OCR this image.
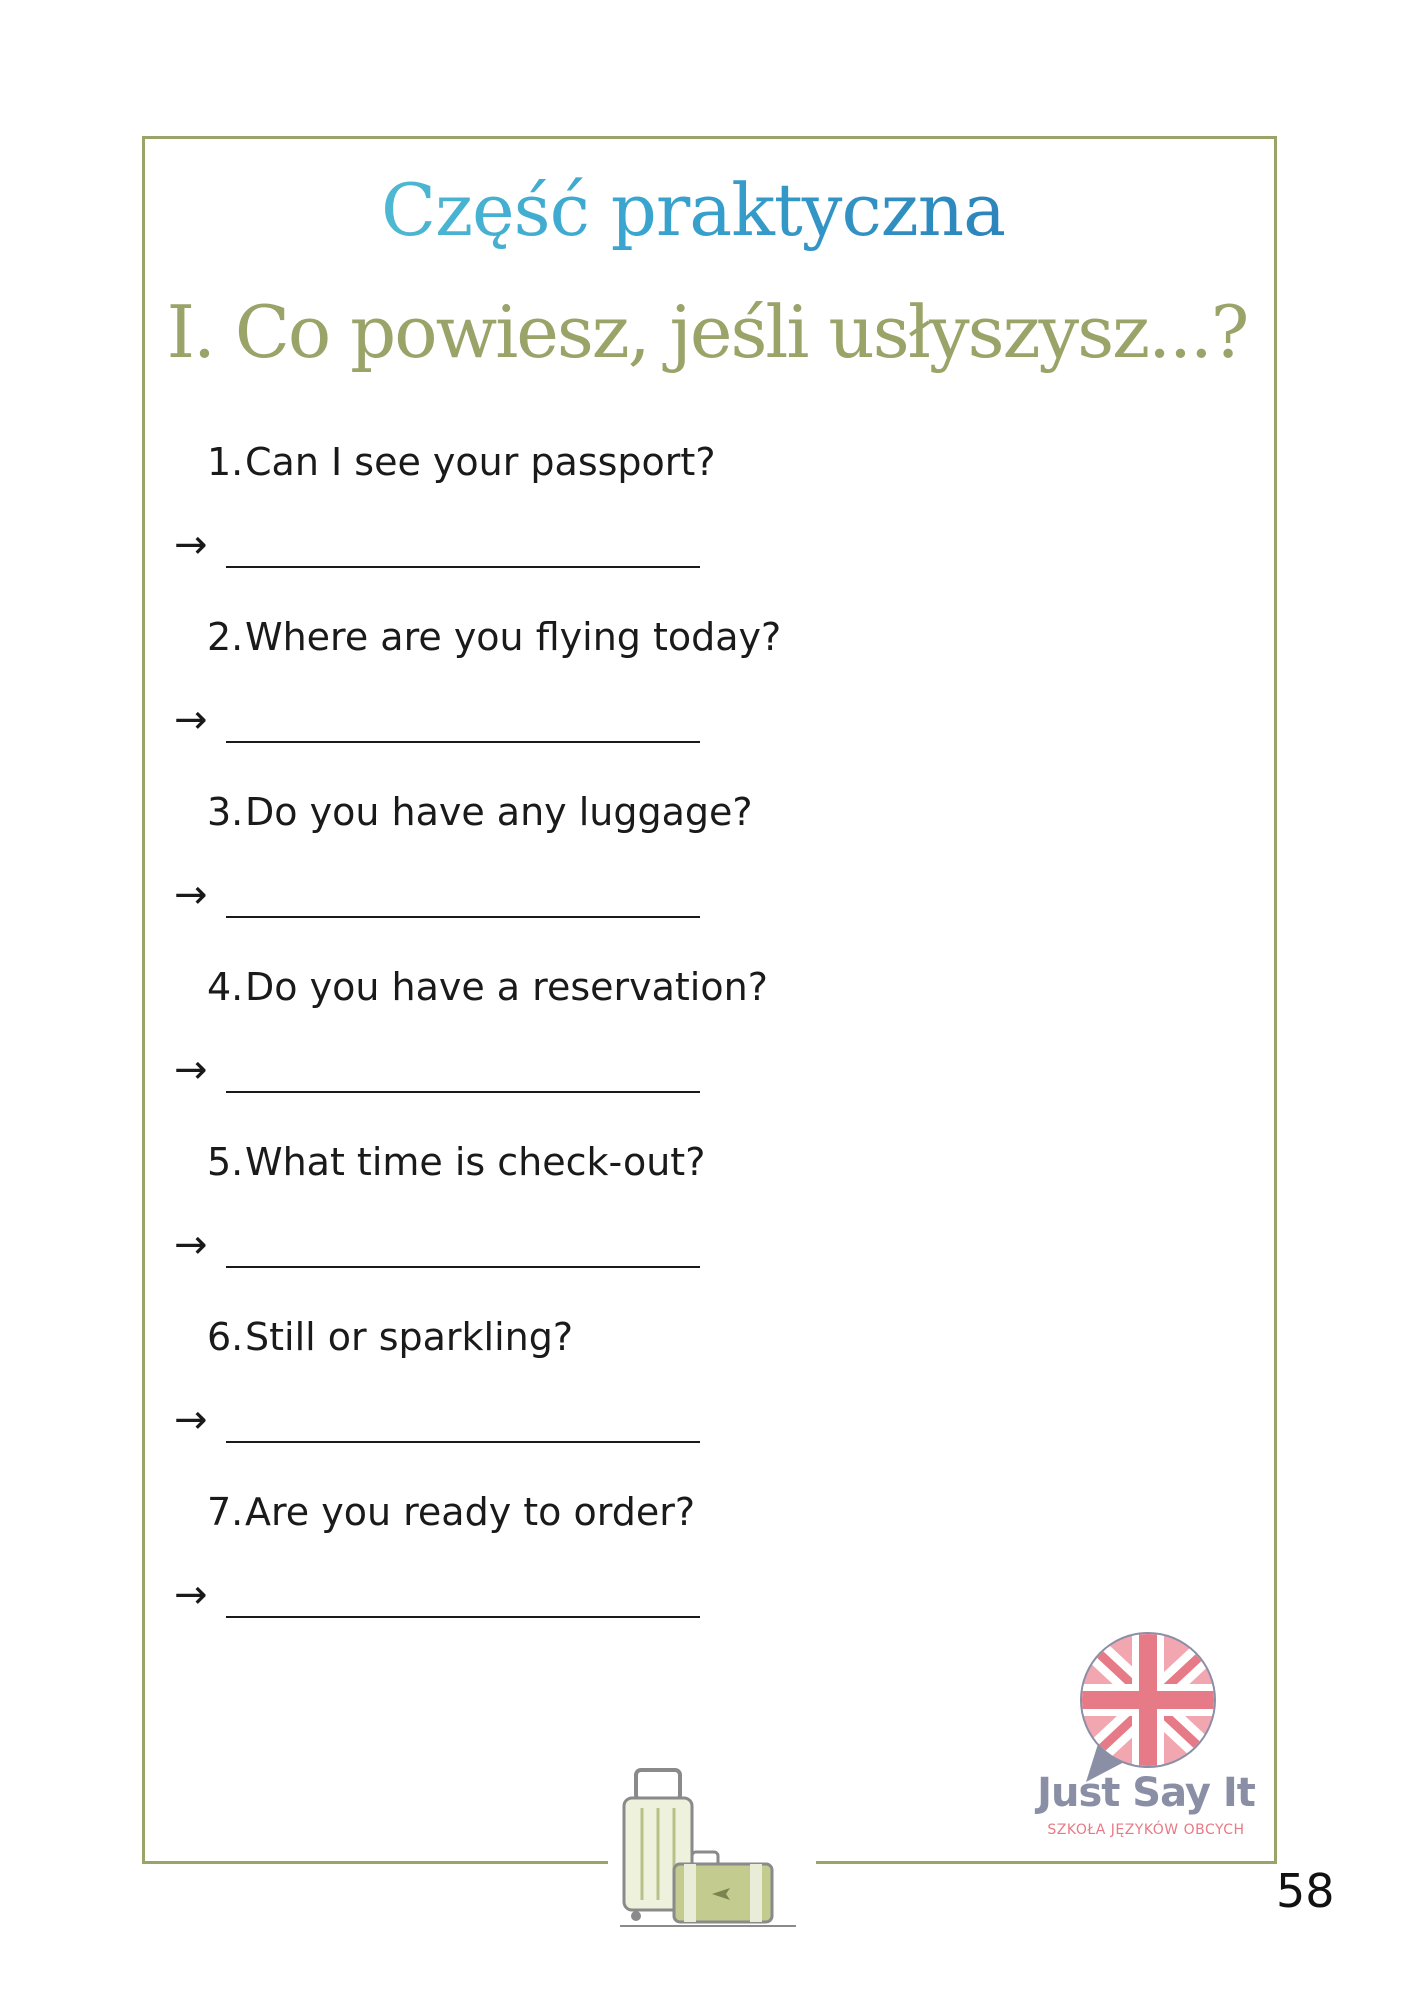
Część praktyczna
I. Co powiesz, jeśli usłyszysz...?
1.Can I see your passport?
→
2.Where are you flying today?
→
3.Do you have any luggage?
→
4.Do you have a reservation?
→
5.What time is check-out?
→
6.Still or sparkling?
→
7.Are you ready to order?
→
Just Say It
SZKOŁA JĘZYKÓW OBCYCH
58
